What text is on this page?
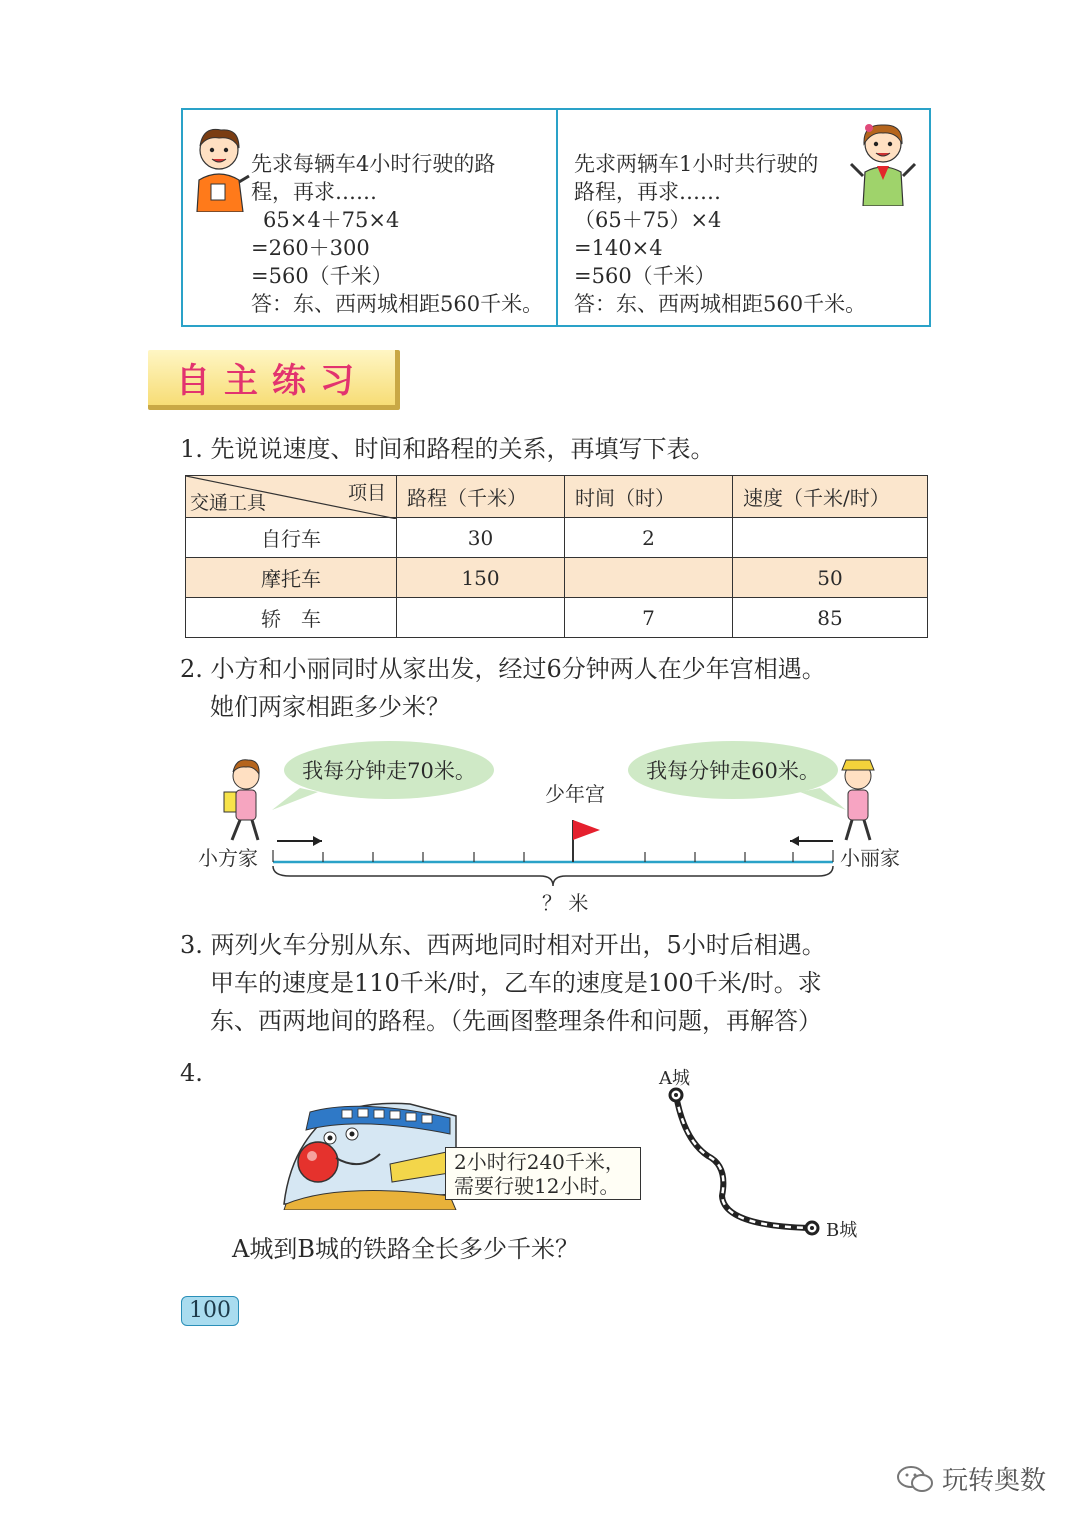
先求每辆车4小时行驶的路
程，再求……
65×4＋75×4
=260＋300
=560（千米）
答：东、西两城相距560千米。
先求两辆车1小时共行驶的
路程，再求……
（65＋75）×4
=140×4
=560（千米）
答：东、西两城相距560千米。
自主练习
1. 先说说速度、时间和路程的关系，再填写下表。
项目
交通工具	路程（千米）	时间（时）	速度（千米/时）
自行车	30	2	
摩托车	150		50
轿　车		7	85
2. 小方和小丽同时从家出发，经过6分钟两人在少年宫相遇。
她们两家相距多少米？
我每分钟走70米。	我每分钟走60米。
少年宫
小方家	小丽家
？ 米
3. 两列火车分别从东、西两地同时相对开出，5小时后相遇。
甲车的速度是110千米/时，乙车的速度是100千米/时。求
东、西两地间的路程。（先画图整理条件和问题，再解答）
4.
2小时行240千米，
需要行驶12小时。
A城
B城
A城到B城的铁路全长多少千米？
100
玩转奥数
